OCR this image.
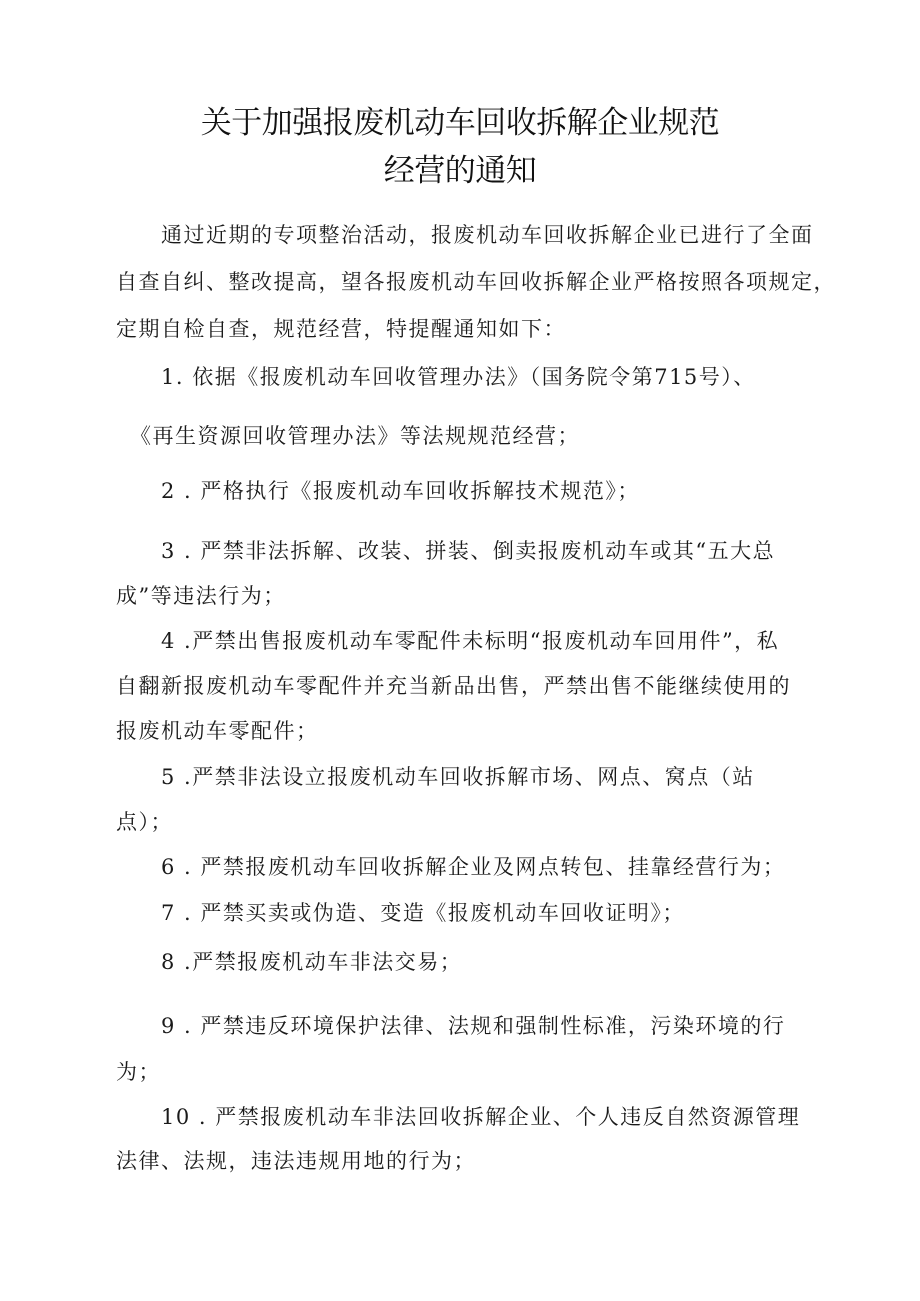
关于加强报废机动车回收拆解企业规范
经营的通知
通过近期的专项整治活动，报废机动车回收拆解企业已进行了全面
自查自纠、整改提高，望各报废机动车回收拆解企业严格按照各项规定，
定期自检自查，规范经营，特提醒通知如下：
1. 依据《报废机动车回收管理办法》（国务院令第715号）、
《再生资源回收管理办法》等法规规范经营；
2 . 严格执行《报废机动车回收拆解技术规范》；
3 . 严禁非法拆解、改装、拼装、倒卖报废机动车或其“五大总
成”等违法行为；
4 .严禁出售报废机动车零配件未标明“报废机动车回用件”，私
自翻新报废机动车零配件并充当新品出售，严禁出售不能继续使用的
报废机动车零配件；
5 .严禁非法设立报废机动车回收拆解市场、网点、窝点（站
点）；
6 . 严禁报废机动车回收拆解企业及网点转包、挂靠经营行为；
7 . 严禁买卖或伪造、变造《报废机动车回收证明》；
8 .严禁报废机动车非法交易；
9 . 严禁违反环境保护法律、法规和强制性标准，污染环境的行
为；
10 . 严禁报废机动车非法回收拆解企业、个人违反自然资源管理
法律、法规，违法违规用地的行为；
